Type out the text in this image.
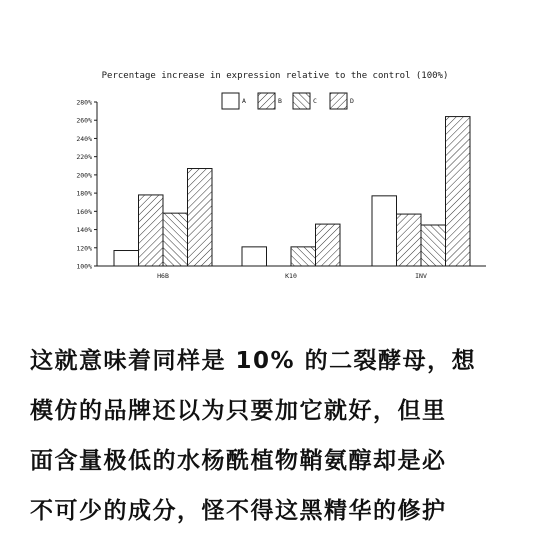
Percentage increase in expression relative to the control (100%)
A	B	C	D
100%
120%
140%
160%
180%
200%
220%
240%
260%
280%
H6B	K10	INV
这就意味着同样是 10% 的二裂酵母，想
模仿的品牌还以为只要加它就好，但里
面含量极低的水杨酰植物鞘氨醇却是必
不可少的成分，怪不得这黑精华的修护
